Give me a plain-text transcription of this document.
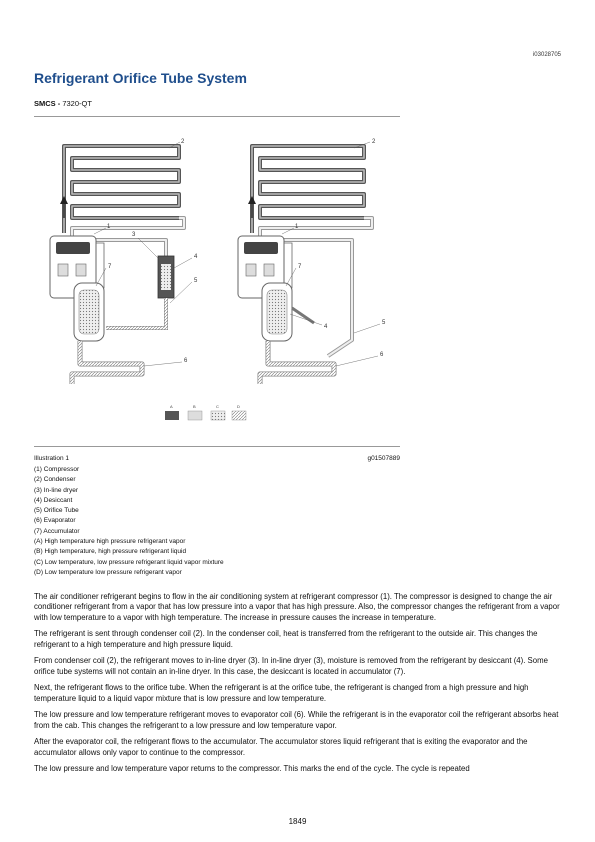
i03028705
Refrigerant Orifice Tube System
SMCS - 7320-QT
2
1
3
4
5
7
6
2
1
7
4
5
6
A	B	C	D
Illustration 1	g01507889
(1) Compressor
(2) Condenser
(3) In-line dryer
(4) Desiccant
(5) Orifice Tube
(6) Evaporator
(7) Accumulator
(A) High temperature high pressure refrigerant vapor
(B) High temperature, high pressure refrigerant liquid
(C) Low temperature, low pressure refrigerant liquid vapor mixture
(D) Low temperature low pressure refrigerant vapor

The air conditioner refrigerant begins to flow in the air conditioning system at refrigerant compressor (1). The compressor is designed to change the air conditioner refrigerant from a vapor that has low pressure into a vapor that has high pressure. Also, the compressor changes the refrigerant from a vapor with low temperature to a vapor with high temperature. The increase in pressure causes the increase in temperature.

The refrigerant is sent through condenser coil (2). In the condenser coil, heat is transferred from the refrigerant to the outside air. This changes the refrigerant to a high temperature and high pressure liquid.

From condenser coil (2), the refrigerant moves to in-line dryer (3). In in-line dryer (3), moisture is removed from the refrigerant by desiccant (4). Some orifice tube systems will not contain an in-line dryer. In this case, the desiccant is located in accumulator (7).

Next, the refrigerant flows to the orifice tube. When the refrigerant is at the orifice tube, the refrigerant is changed from a high pressure and high temperature liquid to a liquid vapor mixture that is low pressure and low temperature.

The low pressure and low temperature refrigerant moves to evaporator coil (6). While the refrigerant is in the evaporator coil the refrigerant absorbs heat from the cab. This changes the refrigerant to a low pressure and low temperature vapor.

After the evaporator coil, the refrigerant flows to the accumulator. The accumulator stores liquid refrigerant that is exiting the evaporator and the accumulator allows only vapor to continue to the compressor.

The low pressure and low temperature vapor returns to the compressor. This marks the end of the cycle. The cycle is repeated

1849
